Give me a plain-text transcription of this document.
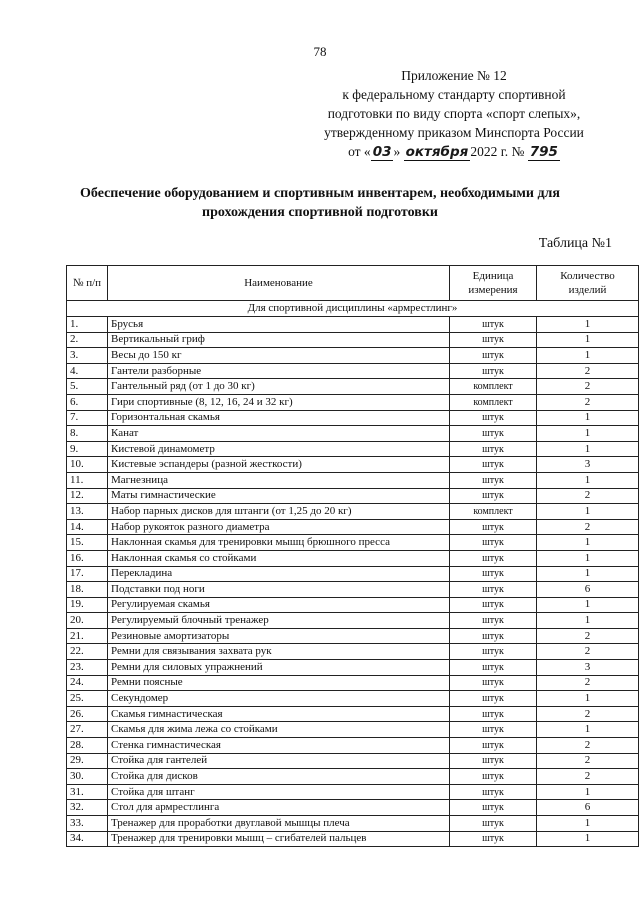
78
Приложение № 12
к федеральному стандарту спортивной
подготовки по виду спорта «спорт слепых»,
утвержденному приказом Минспорта России
от « 03 » октября 2022 г. № 795
Обеспечение оборудованием и спортивным инвентарем, необходимыми для прохождения спортивной подготовки
Таблица №1
№ п/п	Наименование	Единица измерения	Количество изделий
Для спортивной дисциплины «армрестлинг»			
1.	Брусья	штук	1
2.	Вертикальный гриф	штук	1
3.	Весы до 150 кг	штук	1
4.	Гантели разборные	штук	2
5.	Гантельный ряд (от 1 до 30 кг)	комплект	2
6.	Гири спортивные (8, 12, 16, 24 и 32 кг)	комплект	2
7.	Горизонтальная скамья	штук	1
8.	Канат	штук	1
9.	Кистевой динамометр	штук	1
10.	Кистевые эспандеры (разной жесткости)	штук	3
11.	Магнезница	штук	1
12.	Маты гимнастические	штук	2
13.	Набор парных дисков для штанги (от 1,25 до 20 кг)	комплект	1
14.	Набор рукояток разного диаметра	штук	2
15.	Наклонная скамья для тренировки мышц брюшного пресса	штук	1
16.	Наклонная скамья со стойками	штук	1
17.	Перекладина	штук	1
18.	Подставки под ноги	штук	6
19.	Регулируемая скамья	штук	1
20.	Регулируемый блочный тренажер	штук	1
21.	Резиновые амортизаторы	штук	2
22.	Ремни для связывания захвата рук	штук	2
23.	Ремни для силовых упражнений	штук	3
24.	Ремни поясные	штук	2
25.	Секундомер	штук	1
26.	Скамья гимнастическая	штук	2
27.	Скамья для жима лежа со стойками	штук	1
28.	Стенка гимнастическая	штук	2
29.	Стойка для гантелей	штук	2
30.	Стойка для дисков	штук	2
31.	Стойка для штанг	штук	1
32.	Стол для армрестлинга	штук	6
33.	Тренажер для проработки двуглавой мышцы плеча	штук	1
34.	Тренажер для тренировки мышц – сгибателей пальцев	штук	1
